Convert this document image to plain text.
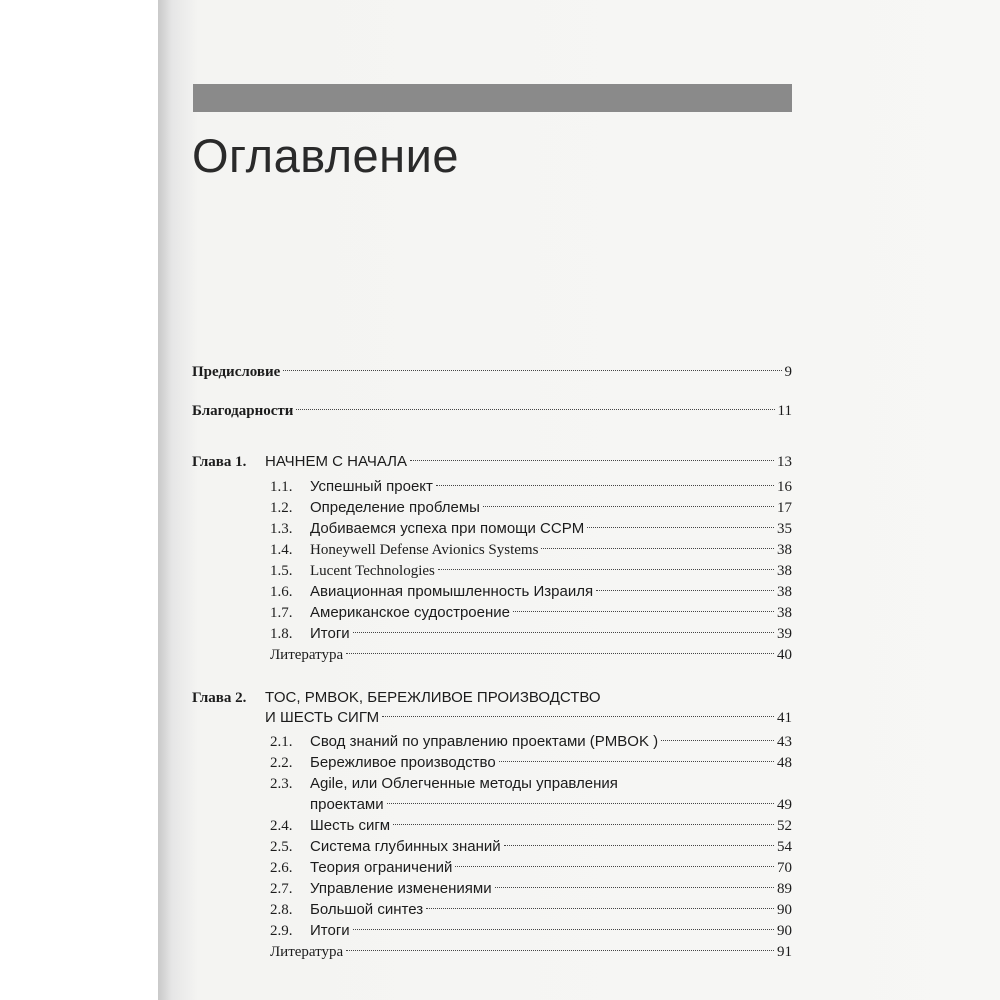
Оглавление
Предисловие	9
Благодарности	11
Глава 1. НАЧНЕМ С НАЧАЛА	13
1.1. Успешный проект	16
1.2. Определение проблемы	17
1.3. Добиваемся успеха при помощи CCPM	35
1.4. Honeywell Defense Avionics Systems	38
1.5. Lucent Technologies	38
1.6. Авиационная промышленность Израиля	38
1.7. Американское судостроение	38
1.8. Итоги	39
Литература	40
Глава 2. TOC, PMBOK, БЕРЕЖЛИВОЕ ПРОИЗВОДСТВО
И ШЕСТЬ СИГМ	41
2.1. Свод знаний по управлению проектами (PMBOK )	43
2.2. Бережливое производство	48
2.3. Agile, или Облегченные методы управления
проектами	49
2.4. Шесть сигм	52
2.5. Система глубинных знаний	54
2.6. Теория ограничений	70
2.7. Управление изменениями	89
2.8. Большой синтез	90
2.9. Итоги	90
Литература	91
